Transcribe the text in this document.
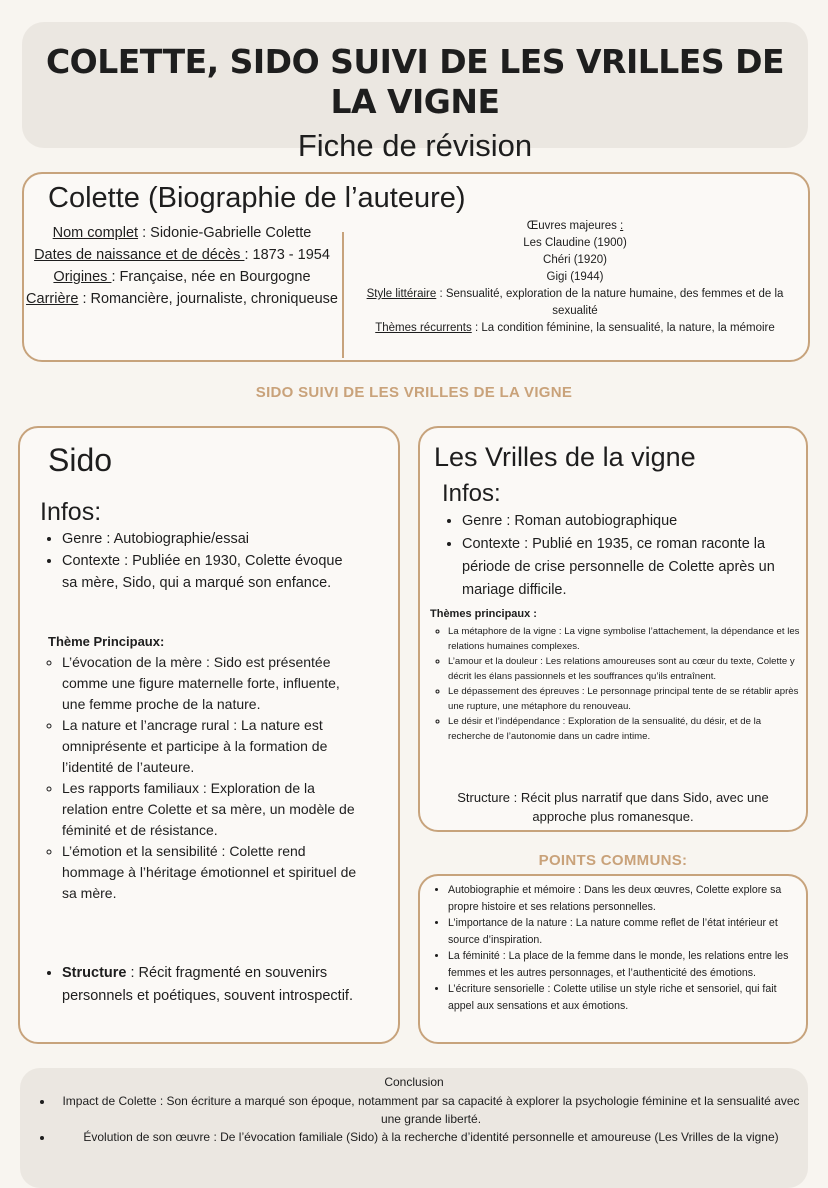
COLETTE, SIDO SUIVI DE LES VRILLES DE LA VIGNE
Fiche de révision
Colette (Biographie de l’auteure)
Nom complet : Sidonie-Gabrielle Colette
Dates de naissance et de décès : 1873 - 1954
Origines : Française, née en Bourgogne
Carrière : Romancière, journaliste, chroniqueuse
Œuvres majeures :
Les Claudine (1900)
Chéri (1920)
Gigi (1944)
Style littéraire : Sensualité, exploration de la nature humaine, des femmes et de la sexualité
Thèmes récurrents : La condition féminine, la sensualité, la nature, la mémoire
SIDO SUIVI DE LES VRILLES DE LA VIGNE
Sido
Infos:
• Genre : Autobiographie/essai
• Contexte : Publiée en 1930, Colette évoque sa mère, Sido, qui a marqué son enfance.
Thème Principaux:
◦ L’évocation de la mère : Sido est présentée comme une figure maternelle forte, influente, une femme proche de la nature.
◦ La nature et l’ancrage rural : La nature est omniprésente et participe à la formation de l’identité de l’auteure.
◦ Les rapports familiaux : Exploration de la relation entre Colette et sa mère, un modèle de féminité et de résistance.
◦ L’émotion et la sensibilité : Colette rend hommage à l’héritage émotionnel et spirituel de sa mère.
• Structure : Récit fragmenté en souvenirs personnels et poétiques, souvent introspectif.
Les Vrilles de la vigne
Infos:
• Genre : Roman autobiographique
• Contexte : Publié en 1935, ce roman raconte la période de crise personnelle de Colette après un mariage difficile.
Thèmes principaux :
◦ La métaphore de la vigne : La vigne symbolise l’attachement, la dépendance et les relations humaines complexes.
◦ L’amour et la douleur : Les relations amoureuses sont au cœur du texte, Colette y décrit les élans passionnels et les souffrances qu’ils entraînent.
◦ Le dépassement des épreuves : Le personnage principal tente de se rétablir après une rupture, une métaphore du renouveau.
◦ Le désir et l’indépendance : Exploration de la sensualité, du désir, et de la recherche de l’autonomie dans un cadre intime.
Structure : Récit plus narratif que dans Sido, avec une approche plus romanesque.
POINTS COMMUNS:
• Autobiographie et mémoire : Dans les deux œuvres, Colette explore sa propre histoire et ses relations personnelles.
• L’importance de la nature : La nature comme reflet de l’état intérieur et source d’inspiration.
• La féminité : La place de la femme dans le monde, les relations entre les femmes et les autres personnages, et l’authenticité des émotions.
• L’écriture sensorielle : Colette utilise un style riche et sensoriel, qui fait appel aux sensations et aux émotions.
Conclusion
• Impact de Colette : Son écriture a marqué son époque, notamment par sa capacité à explorer la psychologie féminine et la sensualité avec une grande liberté.
• Évolution de son œuvre : De l’évocation familiale (Sido) à la recherche d’identité personnelle et amoureuse (Les Vrilles de la vigne)
